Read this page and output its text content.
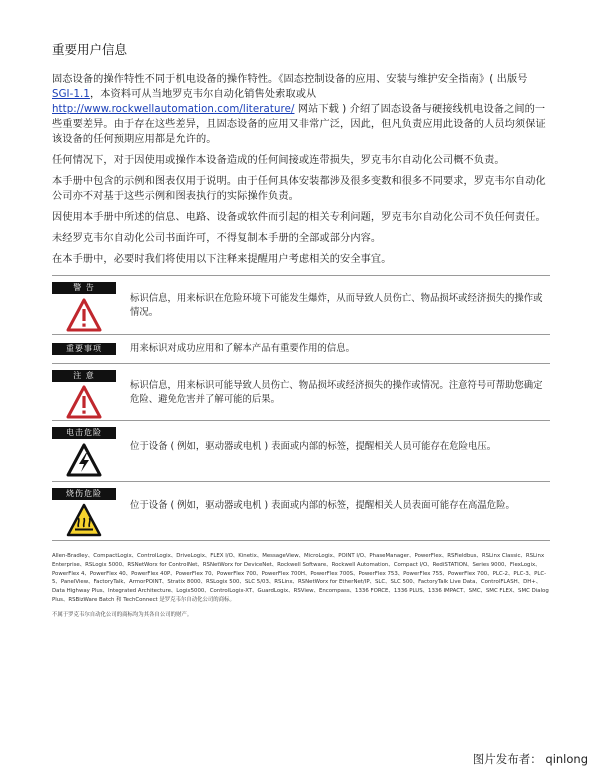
重要用户信息

固态设备的操作特性不同于机电设备的操作特性。《固态控制设备的应用、安装与维护安全指南》( 出版号 SGI-1.1，本资料可从当地罗克韦尔自动化销售处索取或从 http://www.rockwellautomation.com/literature/ 网站下载 ) 介绍了固态设备与硬接线机电设备之间的一些重要差异。由于存在这些差异，且固态设备的应用又非常广泛，因此，但凡负责应用此设备的人员均须保证该设备的任何预期应用都是允许的。

任何情况下，对于因使用或操作本设备造成的任何间接或连带损失，罗克韦尔自动化公司概不负责。

本手册中包含的示例和图表仅用于说明。由于任何具体安装都涉及很多变数和很多不同要求，罗克韦尔自动化公司亦不对基于这些示例和图表执行的实际操作负责。

因使用本手册中所述的信息、电路、设备或软件而引起的相关专利问题，罗克韦尔自动化公司不负任何责任。

未经罗克韦尔自动化公司书面许可，不得复制本手册的全部或部分内容。

在本手册中，必要时我们将使用以下注释来提醒用户考虑相关的安全事宜。

警 告
标识信息，用来标识在危险环境下可能发生爆炸，从而导致人员伤亡、物品损坏或经济损失的操作或情况。
重要事项	用来标识对成功应用和了解本产品有重要作用的信息。
注 意
标识信息，用来标识可能导致人员伤亡、物品损坏或经济损失的操作或情况。注意符号可帮助您确定危险、避免危害并了解可能的后果。
电击危险
位于设备 ( 例如，驱动器或电机 ) 表面或内部的标签，提醒相关人员可能存在危险电压。
烧伤危险
位于设备 ( 例如，驱动器或电机 ) 表面或内部的标签，提醒相关人员表面可能存在高温危险。
Allen-Bradley、CompactLogix、ControlLogix、DriveLogix、FLEX I/O、Kinetix、MessageView、MicroLogix、POINT I/O、PhaseManager、PowerFlex、RSFieldbus、RSLinx Classic、RSLinx Enterprise、RSLogix 5000、RSNetWorx for ControlNet、RSNetWorx for DeviceNet、Rockwell Software、Rockwell Automation、Compact I/O、RediSTATION、Series 9000、FlexLogix、PowerFlex 4、PowerFlex 40、PowerFlex 40P、PowerFlex 70、PowerFlex 700、PowerFlex 700H、PowerFlex 700S、PowerFlex 753、PowerFlex 755、PowerFlex 700、PLC-2、PLC-3、PLC-5、PanelView、FactoryTalk、ArmorPOINT、Stratix 8000、RSLogix 500、SLC 5/03、RSLinx、RSNetWorx for EtherNet/IP、SLC、SLC 500、FactoryTalk Live Data、ControlFLASH、DH+、Data Highway Plus、Integrated Architecture、Logix5000、ControlLogix-XT、GuardLogix、RSView、Encompass、1336 FORCE、1336 PLUS、1336 IMPACT、SMC、SMC FLEX、SMC Dialog Plus、RSBizWare Batch 和 TechConnect 是罗克韦尔自动化公司的商标。
不属于罗克韦尔自动化公司的商标均为其各自公司的财产。
图片发布者： qinlong
